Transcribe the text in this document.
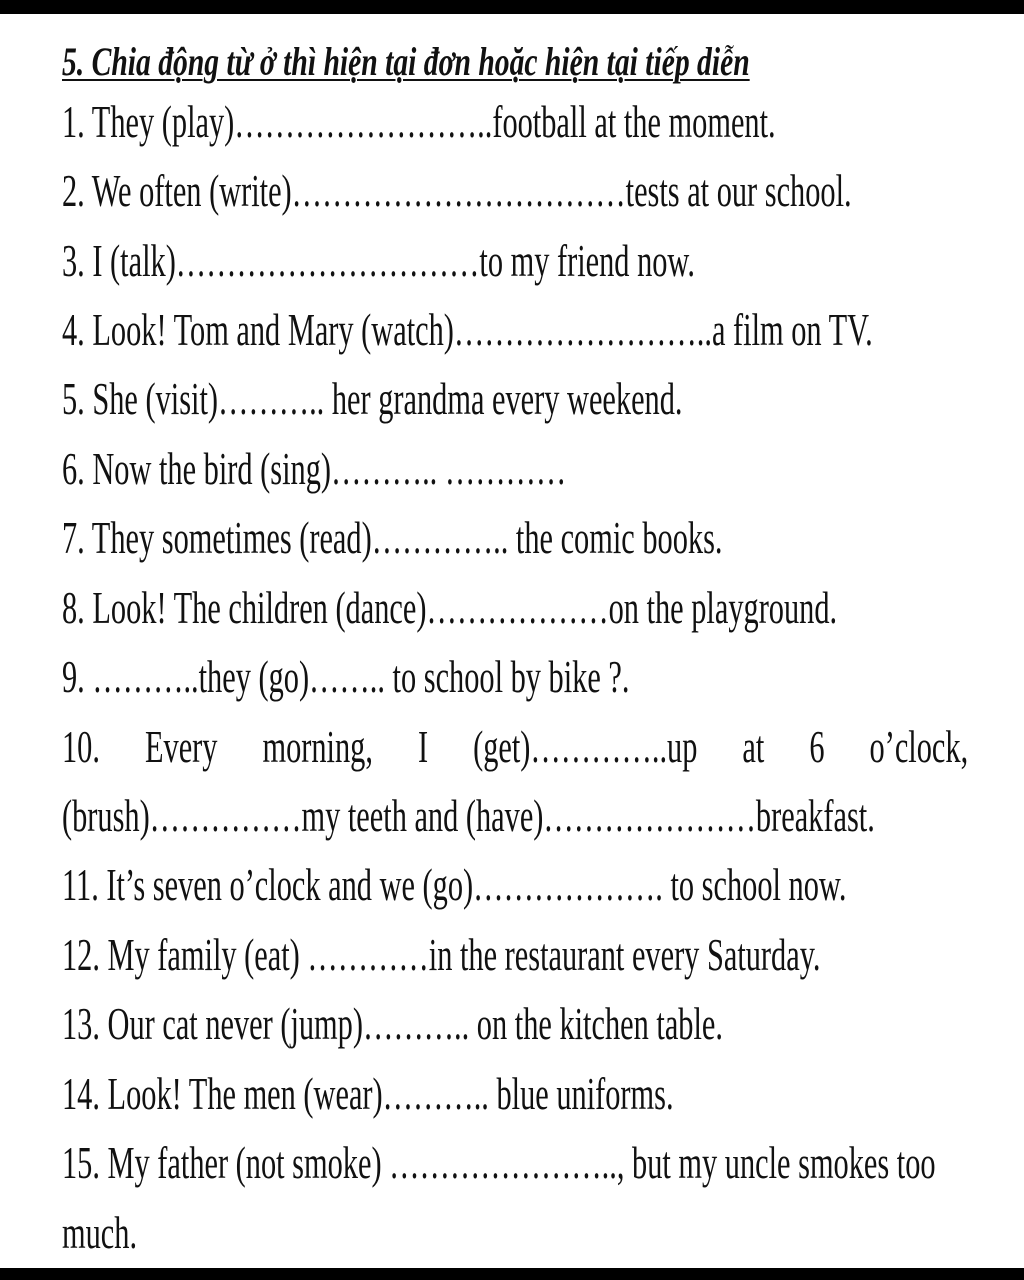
5. Chia động từ ở thì hiện tại đơn hoặc hiện tại tiếp diễn
1. They (play)……………………..football at the moment.
2. We often (write)……………………………tests at our school.
3. I (talk)…………………………to my friend now.
4. Look! Tom and Mary (watch)……………………..a film on TV.
5. She (visit)……….. her grandma every weekend.
6. Now the bird (sing)……….. …………
7. They sometimes (read)………….. the comic books.
8. Look! The children (dance)………………on the playground.
9. ………..they (go)…….. to school by bike ?.
10. Every morning, I (get)…………..up at 6 o’clock,
(brush)……………my teeth and (have)…………………breakfast.
11. It’s seven o’clock and we (go)………………. to school now.
12. My family (eat) …………in the restaurant every Saturday.
13. Our cat never (jump)……….. on the kitchen table.
14. Look! The men (wear)……….. blue uniforms.
15. My father (not smoke) ………………….., but my uncle smokes too
much.
